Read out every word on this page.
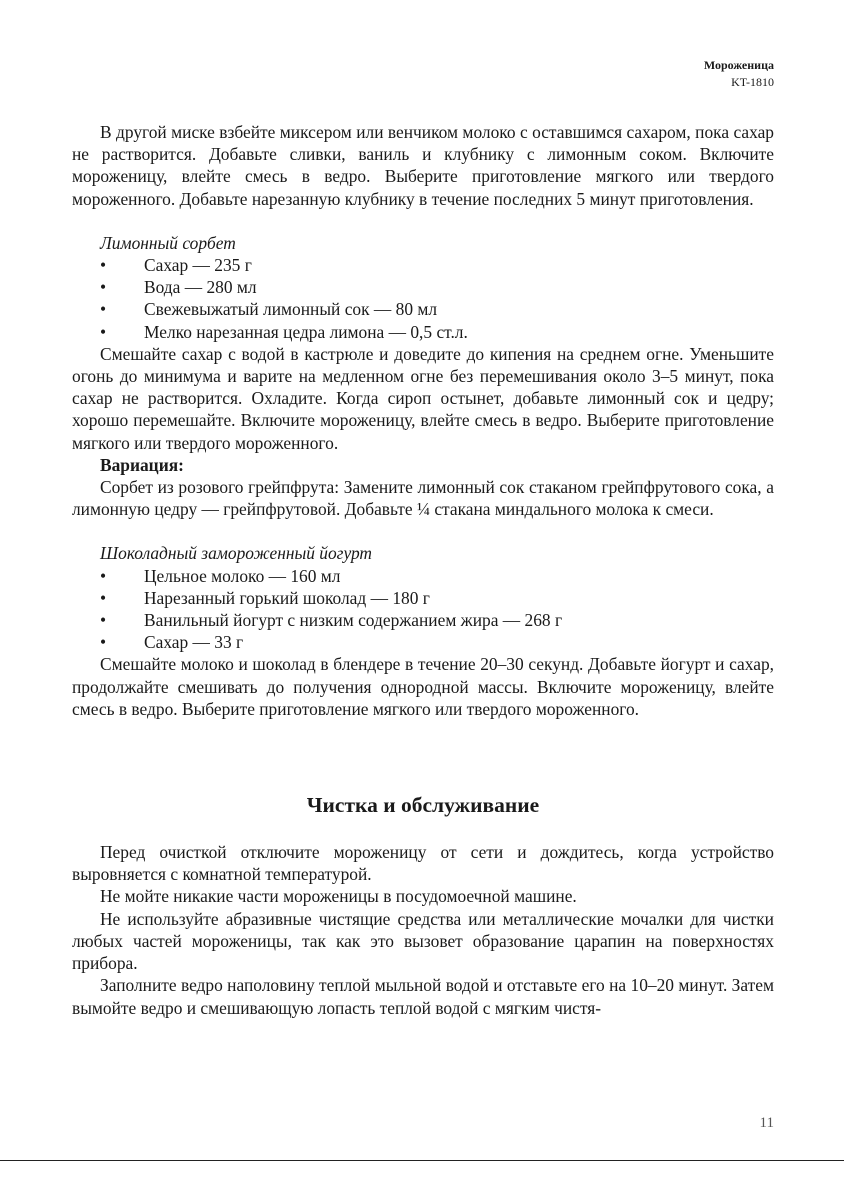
Мороженица
KT-1810

В другой миске взбейте миксером или венчиком молоко с оставшимся сахаром, пока сахар не растворится. Добавьте сливки, ваниль и клубнику с лимонным соком. Включите мороженицу, влейте смесь в ведро. Выберите приготовление мягкого или твердого мороженного. Добавьте нарезанную клубнику в течение последних 5 минут приготовления.

Лимонный сорбет
• Сахар — 235 г
• Вода — 280 мл
• Свежевыжатый лимонный сок — 80 мл
• Мелко нарезанная цедра лимона — 0,5 ст.л.

Смешайте сахар с водой в кастрюле и доведите до кипения на среднем огне. Уменьшите огонь до минимума и варите на медленном огне без перемешивания около 3–5 минут, пока сахар не растворится. Охладите. Когда сироп остынет, добавьте лимонный сок и цедру; хорошо перемешайте. Включите мороженицу, влейте смесь в ведро. Выберите приготовление мягкого или твердого мороженного.

Вариация:

Сорбет из розового грейпфрута: Замените лимонный сок стаканом грейпфрутового сока, а лимонную цедру — грейпфрутовой. Добавьте ¼ стакана миндального молока к смеси.

Шоколадный замороженный йогурт
• Цельное молоко — 160 мл
• Нарезанный горький шоколад — 180 г
• Ванильный йогурт с низким содержанием жира — 268 г
• Сахар — 33 г

Смешайте молоко и шоколад в блендере в течение 20–30 секунд. Добавьте йогурт и сахар, продолжайте смешивать до получения однородной массы. Включите мороженицу, влейте смесь в ведро. Выберите приготовление мягкого или твердого мороженного.

Чистка и обслуживание

Перед очисткой отключите мороженицу от сети и дождитесь, когда устройство выровняется с комнатной температурой.

Не мойте никакие части мороженицы в посудомоечной машине.

Не используйте абразивные чистящие средства или металлические мочалки для чистки любых частей мороженицы, так как это вызовет образование царапин на поверхностях прибора.

Заполните ведро наполовину теплой мыльной водой и отставьте его на 10–20 минут. Затем вымойте ведро и смешивающую лопасть теплой водой с мягким чистя-

11
